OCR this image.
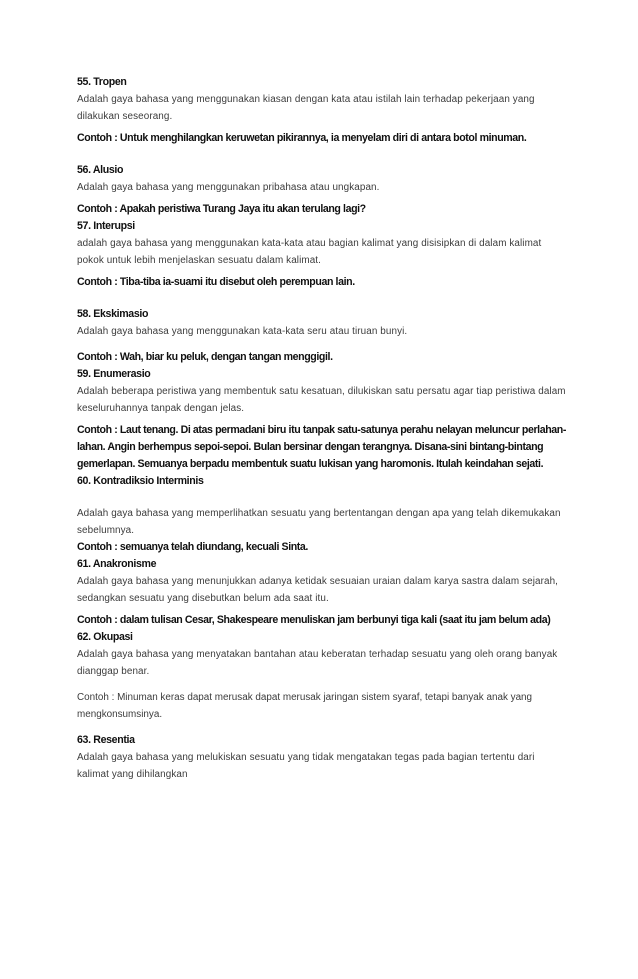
55. Tropen

Adalah gaya bahasa yang menggunakan kiasan dengan kata atau istilah lain terhadap pekerjaan yang dilakukan seseorang.

Contoh : Untuk menghilangkan keruwetan pikirannya, ia menyelam diri di antara botol minuman.

56. Alusio

Adalah gaya bahasa yang menggunakan pribahasa atau ungkapan.

Contoh : Apakah peristiwa Turang Jaya itu akan terulang lagi?

57. Interupsi

adalah gaya bahasa yang menggunakan kata-kata atau bagian kalimat yang disisipkan di dalam kalimat pokok untuk lebih menjelaskan sesuatu dalam kalimat.

Contoh : Tiba-tiba ia-suami itu disebut oleh perempuan lain.

58. Ekskimasio

Adalah gaya bahasa yang menggunakan kata-kata seru atau tiruan bunyi.

Contoh : Wah, biar ku peluk, dengan tangan menggigil.

59. Enumerasio

Adalah beberapa peristiwa yang membentuk satu kesatuan, dilukiskan satu persatu agar tiap peristiwa dalam keseluruhannya tanpak dengan jelas.

Contoh : Laut tenang. Di atas permadani biru itu tanpak satu-satunya perahu nelayan meluncur perlahan-lahan. Angin berhempus sepoi-sepoi. Bulan bersinar dengan terangnya. Disana-sini bintang-bintang gemerlapan. Semuanya berpadu membentuk suatu lukisan yang haromonis. Itulah keindahan sejati.

60. Kontradiksio Interminis

Adalah gaya bahasa yang memperlihatkan sesuatu yang bertentangan dengan apa yang telah dikemukakan sebelumnya.

Contoh : semuanya telah diundang, kecuali Sinta.

61. Anakronisme

Adalah gaya bahasa yang menunjukkan adanya ketidak sesuaian uraian dalam karya sastra dalam sejarah, sedangkan sesuatu yang disebutkan belum ada saat itu.

Contoh : dalam tulisan Cesar, Shakespeare menuliskan jam berbunyi tiga kali (saat itu jam belum ada)

62. Okupasi

Adalah gaya bahasa yang menyatakan bantahan atau keberatan terhadap sesuatu yang oleh orang banyak dianggap benar.

Contoh : Minuman keras dapat merusak dapat merusak jaringan sistem syaraf, tetapi banyak anak yang mengkonsumsinya.

63. Resentia

Adalah gaya bahasa yang melukiskan sesuatu yang tidak mengatakan tegas pada bagian tertentu dari kalimat yang dihilangkan
